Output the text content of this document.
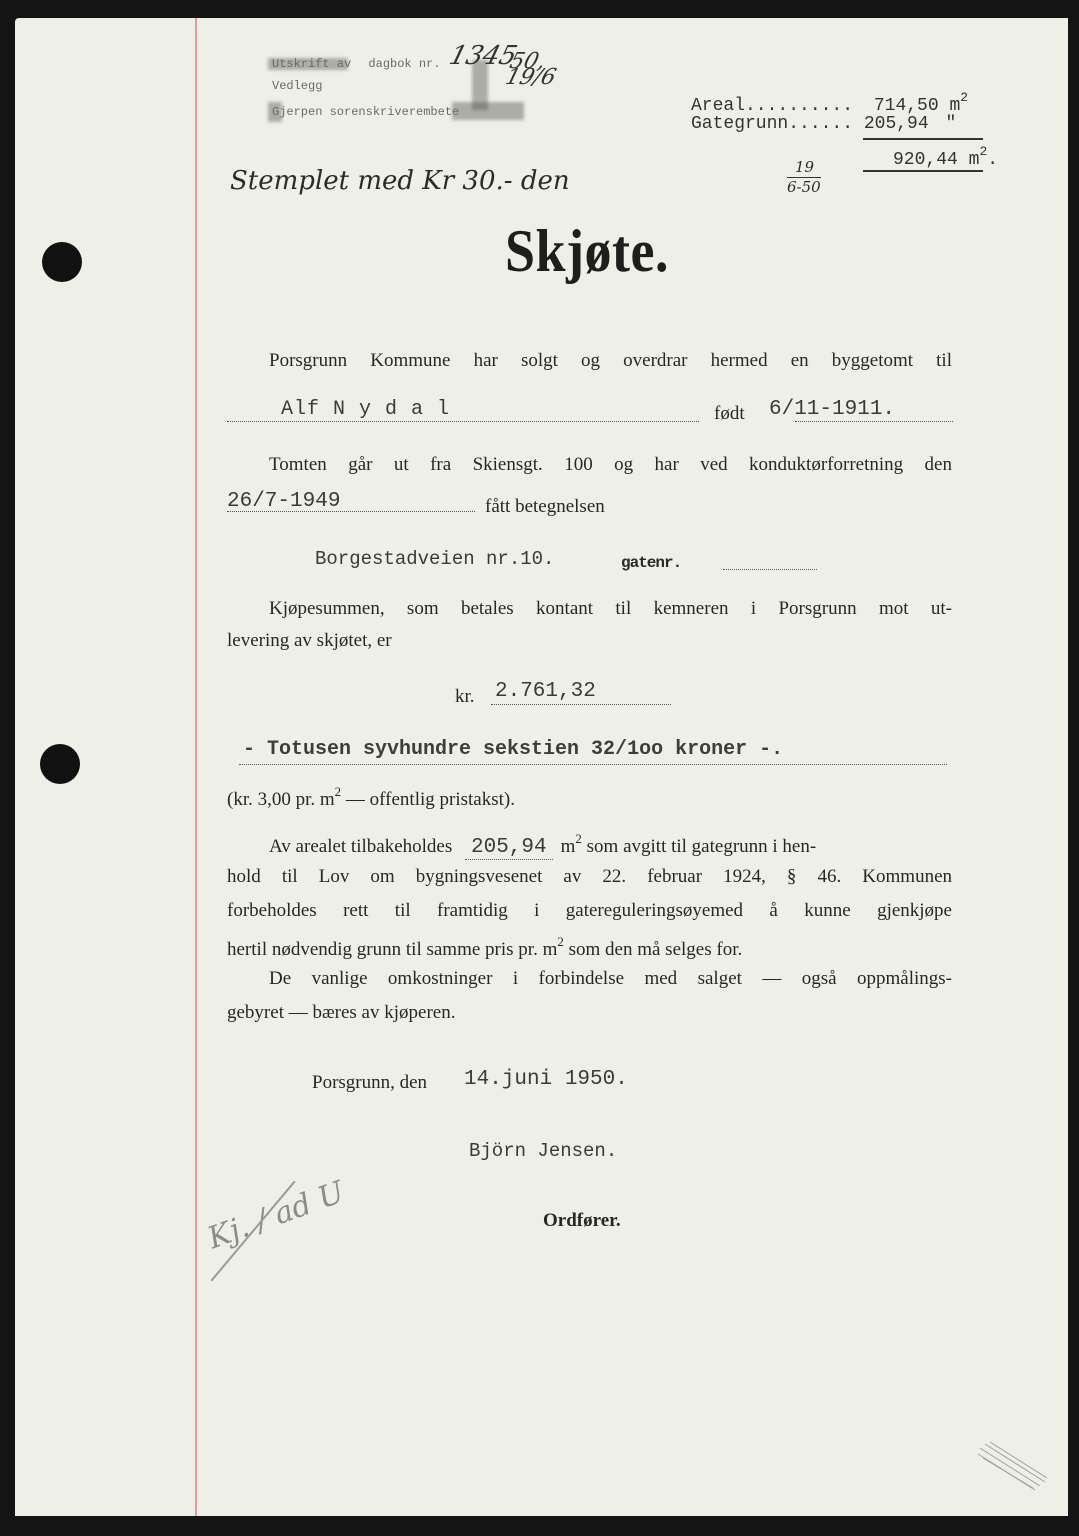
Utskrift av dagbok nr.
Vedlegg
Gjerpen sorenskriverembete
1345
50, 19/6
Areal.......... 714,50 $m^2$
Gategrunn...... 205,94 "
920,44 $m^2$.
Stemplet med Kr 30.- den	19
6-50
Skjøte.
Porsgrunn Kommune har solgt og overdrar hermed en byggetomt til
Alf N y d a l	født 6/11-1911.
Tomten går ut fra Skiensgt. 100 og har ved konduktørforretning den
26/7-1949	fått betegnelsen
Borgestadveien nr.10.	gatenr.
Kjøpesummen, som betales kontant til kemneren i Porsgrunn mot ut-
levering av skjøtet, er
kr. 2.761,32
- Totusen syvhundre sekstien 32/1oo kroner -.
(kr. 3,00 pr. $m^2$ — offentlig pristakst).
Av arealet tilbakeholdes 205,94 $m^2$ som avgitt til gategrunn i hen-
hold til Lov om bygningsvesenet av 22. februar 1924, § 46. Kommunen
forbeholdes rett til framtidig i gatereguleringsøyemed å kunne gjenkjøpe
hertil nødvendig grunn til samme pris pr. $m^2$ som den må selges for.
De vanlige omkostninger i forbindelse med salget — også oppmålings-
gebyret — bæres av kjøperen.
Porsgrunn, den 14.juni 1950.
Björn Jensen.
Ordfører.
Kj. / ad U
